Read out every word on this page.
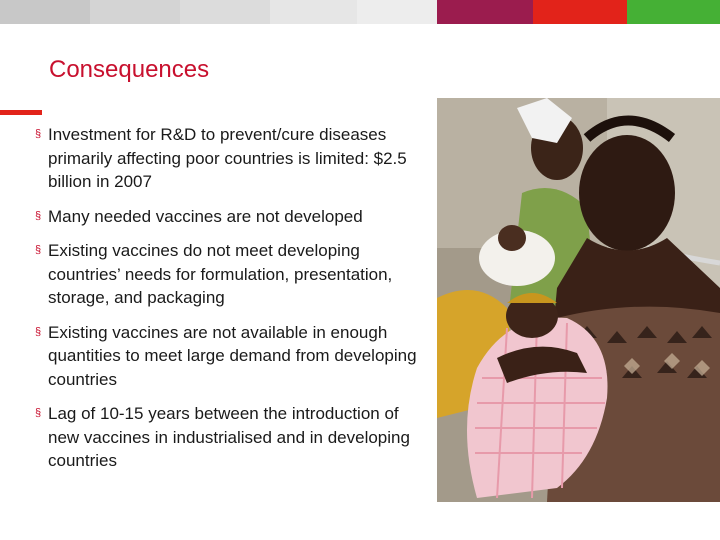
Consequences
§ Investment for R&D to prevent/cure diseases primarily affecting poor countries is limited: $2.5 billion in 2007
§ Many needed vaccines are not developed
§ Existing vaccines do not meet developing countries’ needs for formulation, presentation, storage, and packaging
§ Existing vaccines are not available in enough quantities to meet large demand from developing countries
§ Lag of 10-15 years between the introduction of new vaccines in industrialised and in developing countries
